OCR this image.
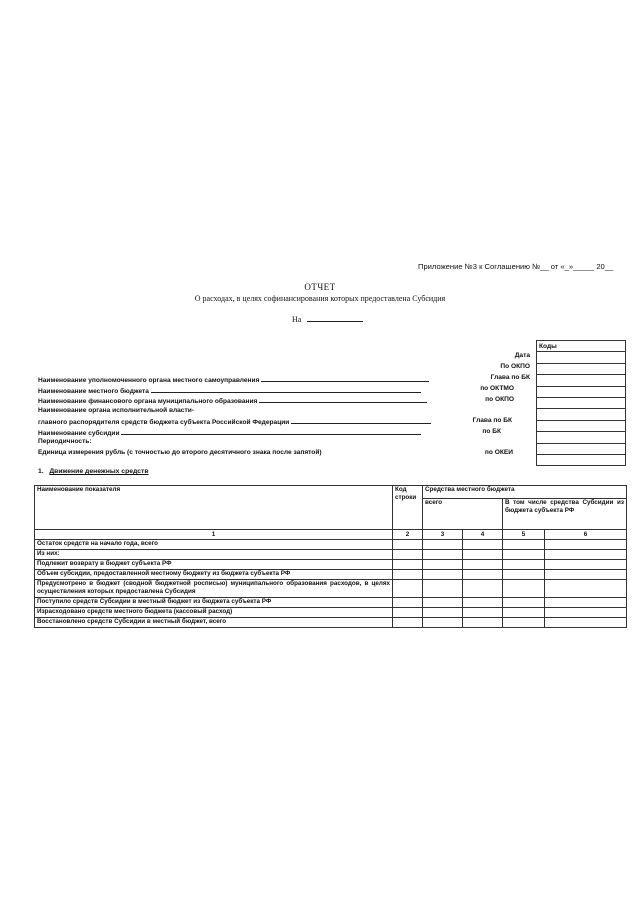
Приложение №3 к Соглашению №__ от «_»_____ 20__
ОТЧЕТ
О расходах, в целях софинансирования которых предоставлена Субсидия
На
Коды

Дата
По ОКПО
Глава по БК
по ОКТМО
по ОКПО
Глава по БК
по БК
по ОКЕИ
Наименование уполномоченного органа местного самоуправления
Наименование местного бюджета
Наименование финансового органа муниципального образования
Наименование органа исполнительной власти-
главного распорядителя средств бюджета субъекта Российской Федерации
Наименование субсидии
Периодичность:
Единица измерения рубль (с точностью до второго десятичного знака после запятой)
1. Движение денежных средств
Наименование показателя	Код строки	Средства местного бюджета			
		всего		В том числе средства Субсидии из бюджета субъекта РФ	
1	2	3	4	5	6
Остаток средств на начало года, всего					
Из них:					
Подлежит возврату в бюджет субъекта РФ					
Объем субсидии, предоставленной местному бюджету из бюджета субъекта РФ					
Предусмотрено в бюджет (сводной бюджетной росписью) муниципального образования расходов, в целях осуществления которых предоставлена Субсидия					
Поступило средств Субсидии в местный бюджет из бюджета субъекта РФ					
Израсходовано средств местного бюджета (кассовый расход)					
Восстановлено средств Субсидии в местный бюджет, всего					
